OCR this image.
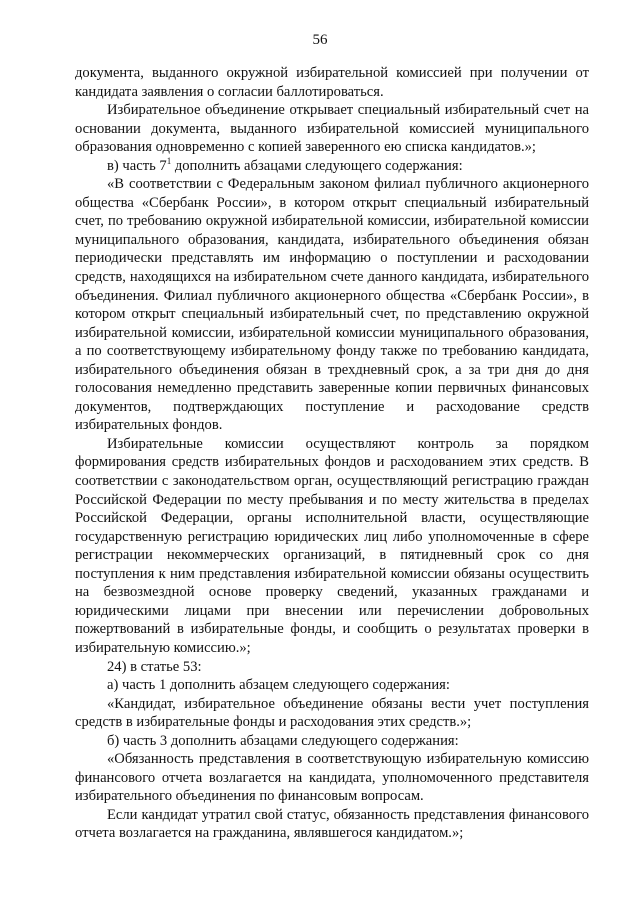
56

документа, выданного окружной избирательной комиссией при получении от кандидата заявления о согласии баллотироваться.

Избирательное объединение открывает специальный избирательный счет на основании документа, выданного избирательной комиссией муниципального образования одновременно с копией заверенного ею списка кандидатов.»;

в) часть $7^1$ дополнить абзацами следующего содержания:

«В соответствии с Федеральным законом филиал публичного акционерного общества «Сбербанк России», в котором открыт специальный избирательный счет, по требованию окружной избирательной комиссии, избирательной комиссии муниципального образования, кандидата, избирательного объединения обязан периодически представлять им информацию о поступлении и расходовании средств, находящихся на избирательном счете данного кандидата, избирательного объединения. Филиал публичного акционерного общества «Сбербанк России», в котором открыт специальный избирательный счет, по представлению окружной избирательной комиссии, избирательной комиссии муниципального образования, а по соответствующему избирательному фонду также по требованию кандидата, избирательного объединения обязан в трехдневный срок, а за три дня до дня голосования немедленно представить заверенные копии первичных финансовых документов, подтверждающих поступление и расходование средств избирательных фондов.

Избирательные комиссии осуществляют контроль за порядком формирования средств избирательных фондов и расходованием этих средств. В соответствии с законодательством орган, осуществляющий регистрацию граждан Российской Федерации по месту пребывания и по месту жительства в пределах Российской Федерации, органы исполнительной власти, осуществляющие государственную регистрацию юридических лиц либо уполномоченные в сфере регистрации некоммерческих организаций, в пятидневный срок со дня поступления к ним представления избирательной комиссии обязаны осуществить на безвозмездной основе проверку сведений, указанных гражданами и юридическими лицами при внесении или перечислении добровольных пожертвований в избирательные фонды, и сообщить о результатах проверки в избирательную комиссию.»;

24) в статье 53:

а) часть 1 дополнить абзацем следующего содержания:

«Кандидат, избирательное объединение обязаны вести учет поступления средств в избирательные фонды и расходования этих средств.»;

б) часть 3 дополнить абзацами следующего содержания:

«Обязанность представления в соответствующую избирательную комиссию финансового отчета возлагается на кандидата, уполномоченного представителя избирательного объединения по финансовым вопросам.

Если кандидат утратил свой статус, обязанность представления финансового отчета возлагается на гражданина, являвшегося кандидатом.»;
